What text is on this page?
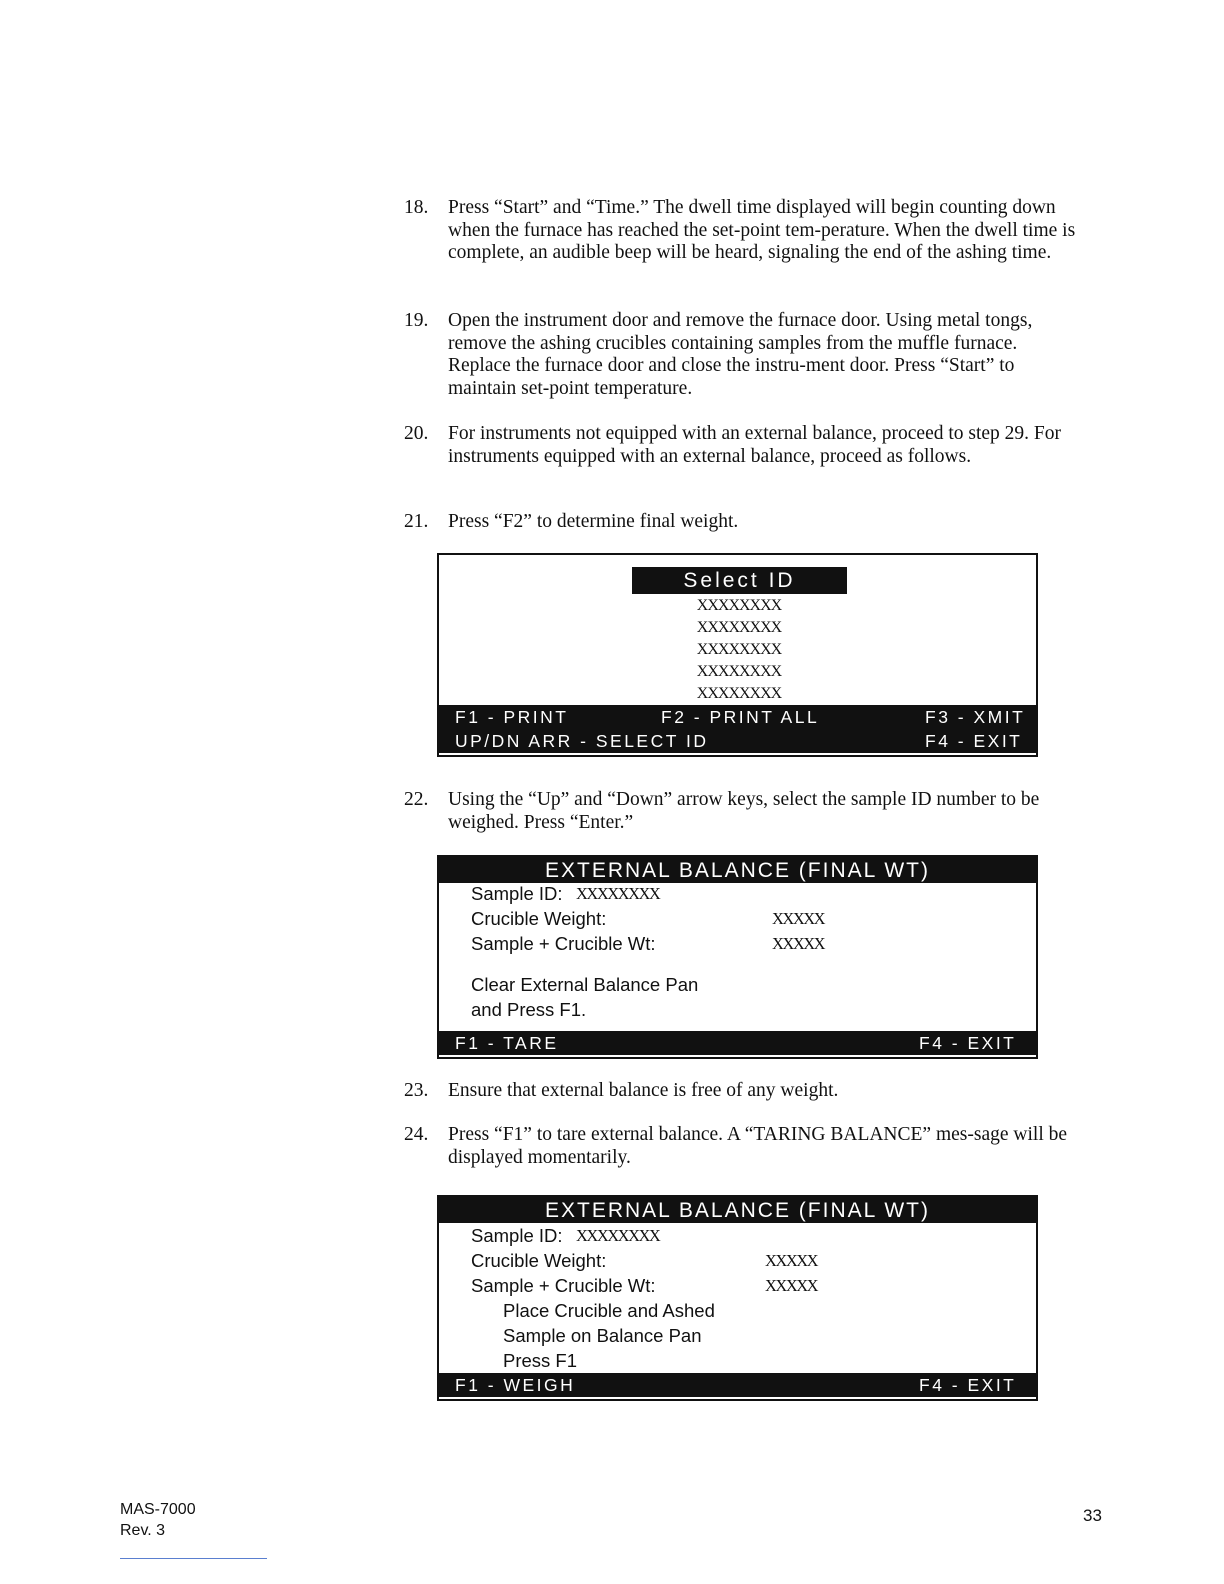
18. Press “Start” and “Time.” The dwell time displayed will begin counting down when the furnace has reached the set-point tem-perature. When the dwell time is complete, an audible beep will be heard, signaling the end of the ashing time.
19. Open the instrument door and remove the furnace door. Using metal tongs, remove the ashing crucibles containing samples from the muffle furnace. Replace the furnace door and close the instru-ment door. Press “Start” to maintain set-point temperature.
20. For instruments not equipped with an external balance, proceed to step 29. For instruments equipped with an external balance, proceed as follows.
21. Press “F2” to determine final weight.
Select ID
XXXXXXXX
XXXXXXXX
XXXXXXXX
XXXXXXXX
XXXXXXXX

F1 - PRINT

	F2 - PRINT ALL

	F3 - XMIT

UP/DN ARR - SELECT ID

	F4 - EXIT

22. Using the “Up” and “Down” arrow keys, select the sample ID number to be weighed. Press “Enter.”
EXTERNAL BALANCE (FINAL WT)
Sample ID: XXXXXXXX
Crucible Weight:	XXXXX
Sample + Crucible Wt:	XXXXX
Clear External Balance Pan
and Press F1.

F1 - TARE

	F4 - EXIT

23. Ensure that external balance is free of any weight.
24. Press “F1” to tare external balance. A “TARING BALANCE” mes-sage will be displayed momentarily.
EXTERNAL BALANCE (FINAL WT)
Sample ID: XXXXXXXX
Crucible Weight:	XXXXX
Sample + Crucible Wt:	XXXXX
Place Crucible and Ashed
Sample on Balance Pan
Press F1

F1 - WEIGH

	F4 - EXIT

MAS-7000
Rev. 3
33
